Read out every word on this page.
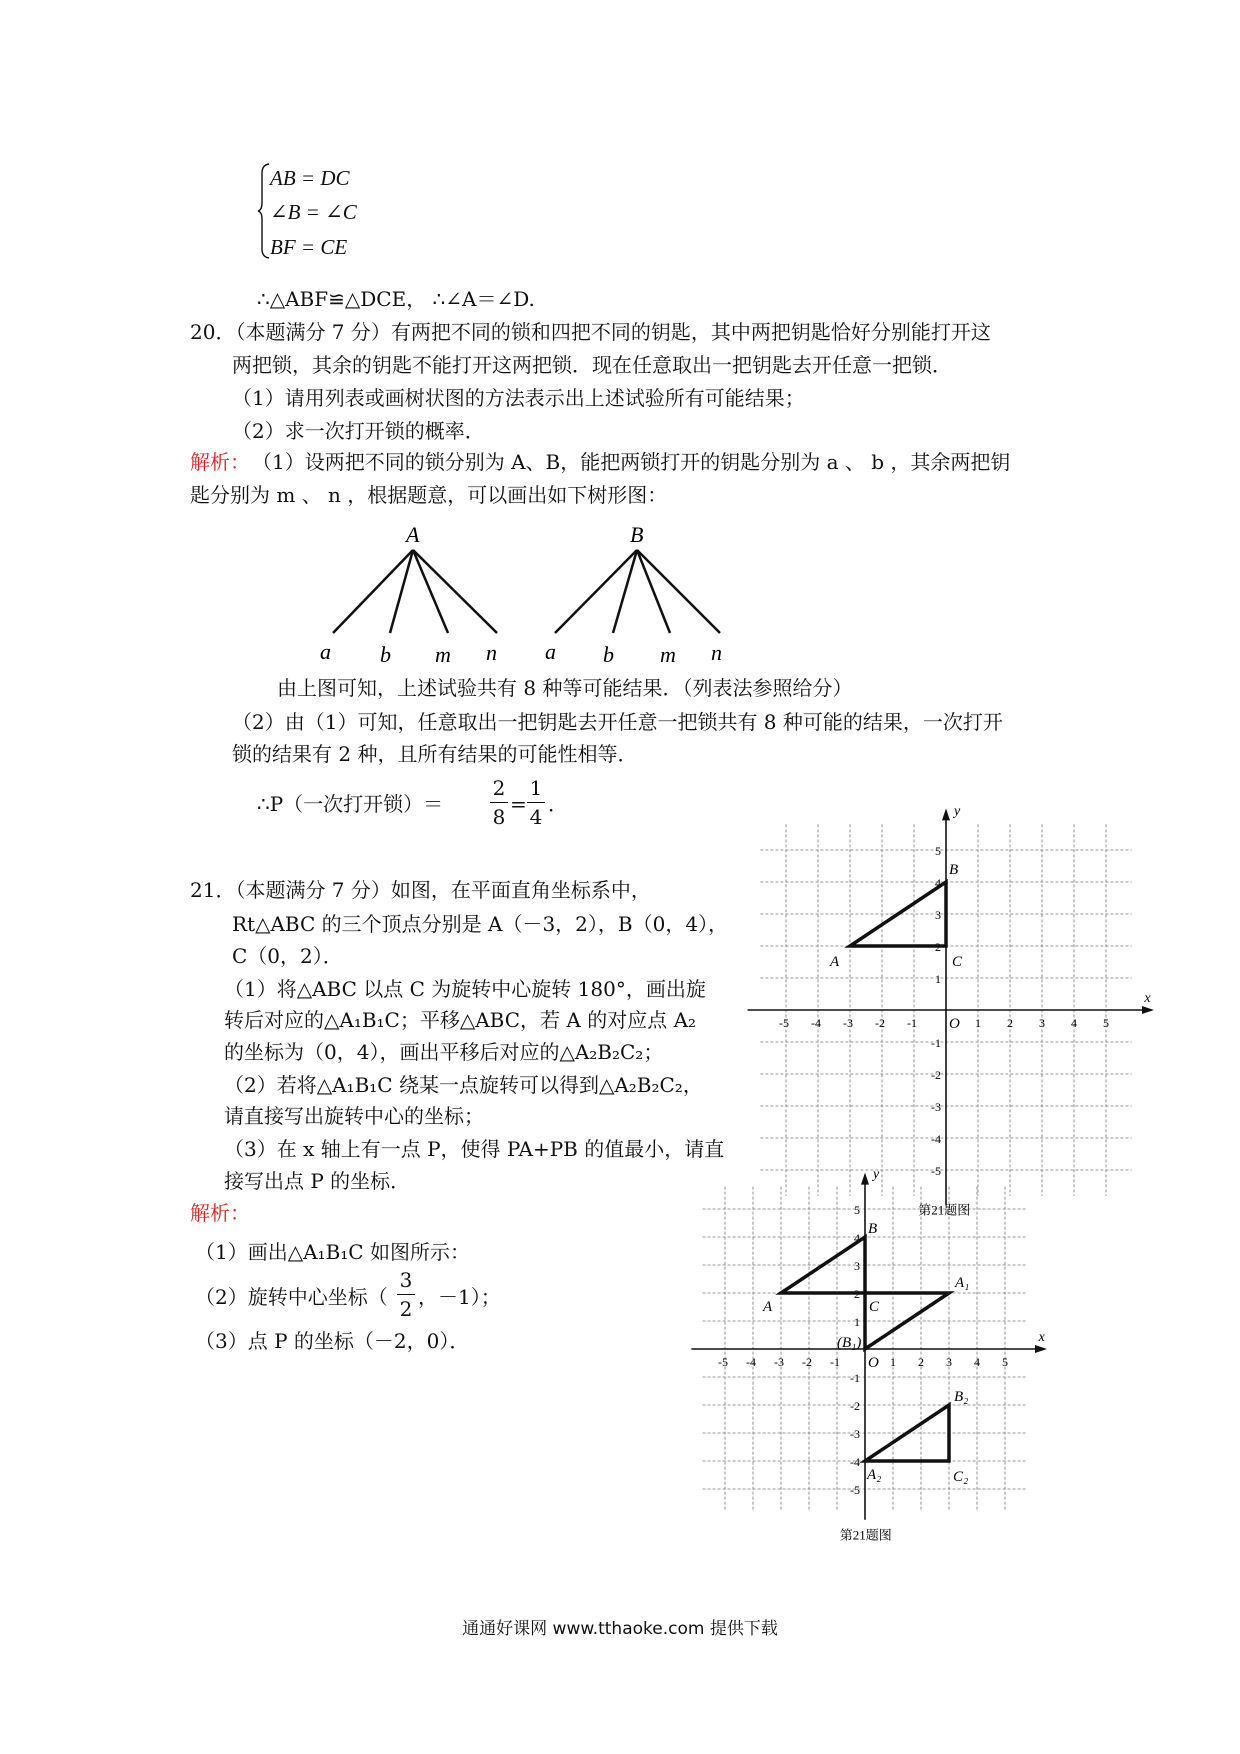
AB = DC
∠B = ∠C
BF = CE
∴△ABF≌△DCE， ∴∠A＝∠D.
20．（本题满分 7 分）有两把不同的锁和四把不同的钥匙，其中两把钥匙恰好分别能打开这
两把锁，其余的钥匙不能打开这两把锁．现在任意取出一把钥匙去开任意一把锁．
（1）请用列表或画树状图的方法表示出上述试验所有可能结果；
（2）求一次打开锁的概率．
解析： （1）设两把不同的锁分别为 A、B，能把两锁打开的钥匙分别为 a 、 b ，其余两把钥
匙分别为 m 、 n ，根据题意，可以画出如下树形图：
A	B
a b m n a b m n
由上图可知，上述试验共有 8 种等可能结果．（列表法参照给分）
（2）由（1）可知，任意取出一把钥匙去开任意一把锁共有 8 种可能的结果，一次打开
锁的结果有 2 种，且所有结果的可能性相等．
∴P（一次打开锁）＝
2
8
=
1
4
．
21．（本题满分 7 分）如图，在平面直角坐标系中，
Rt△ABC 的三个顶点分别是 A（－3，2），B（0，4），
C（0，2）．
（1）将△ABC 以点 C 为旋转中心旋转 180°，画出旋
转后对应的△A₁B₁C；平移△ABC，若 A 的对应点 A₂
的坐标为（0，4），画出平移后对应的△A₂B₂C₂；
（2）若将△A₁B₁C 绕某一点旋转可以得到△A₂B₂C₂，
请直接写出旋转中心的坐标；
（3）在 x 轴上有一点 P，使得 PA+PB 的值最小，请直
接写出点 P 的坐标．
解析：
（1）画出△A₁B₁C 如图所示：
（2）旋转中心坐标（
3
2 ，－1）；
（3）点 P 的坐标（－2，0）．
x
y
O
-5
-5
-4
-4
-3
-3
-2
-2
-1
-1
1
1
2
2
3
3
4
4
5
5
A
B
C
x
y
O
-5
-5
-4
-4
-3
-3
-2
-2
-1
-1
1
1
2
2
3
3
4
4
5
5
A
B
C
(B₁)
A₁
A₂
B₂
C₂
第21题图
第21题图
通通好课网 www.tthaoke.com 提供下载
